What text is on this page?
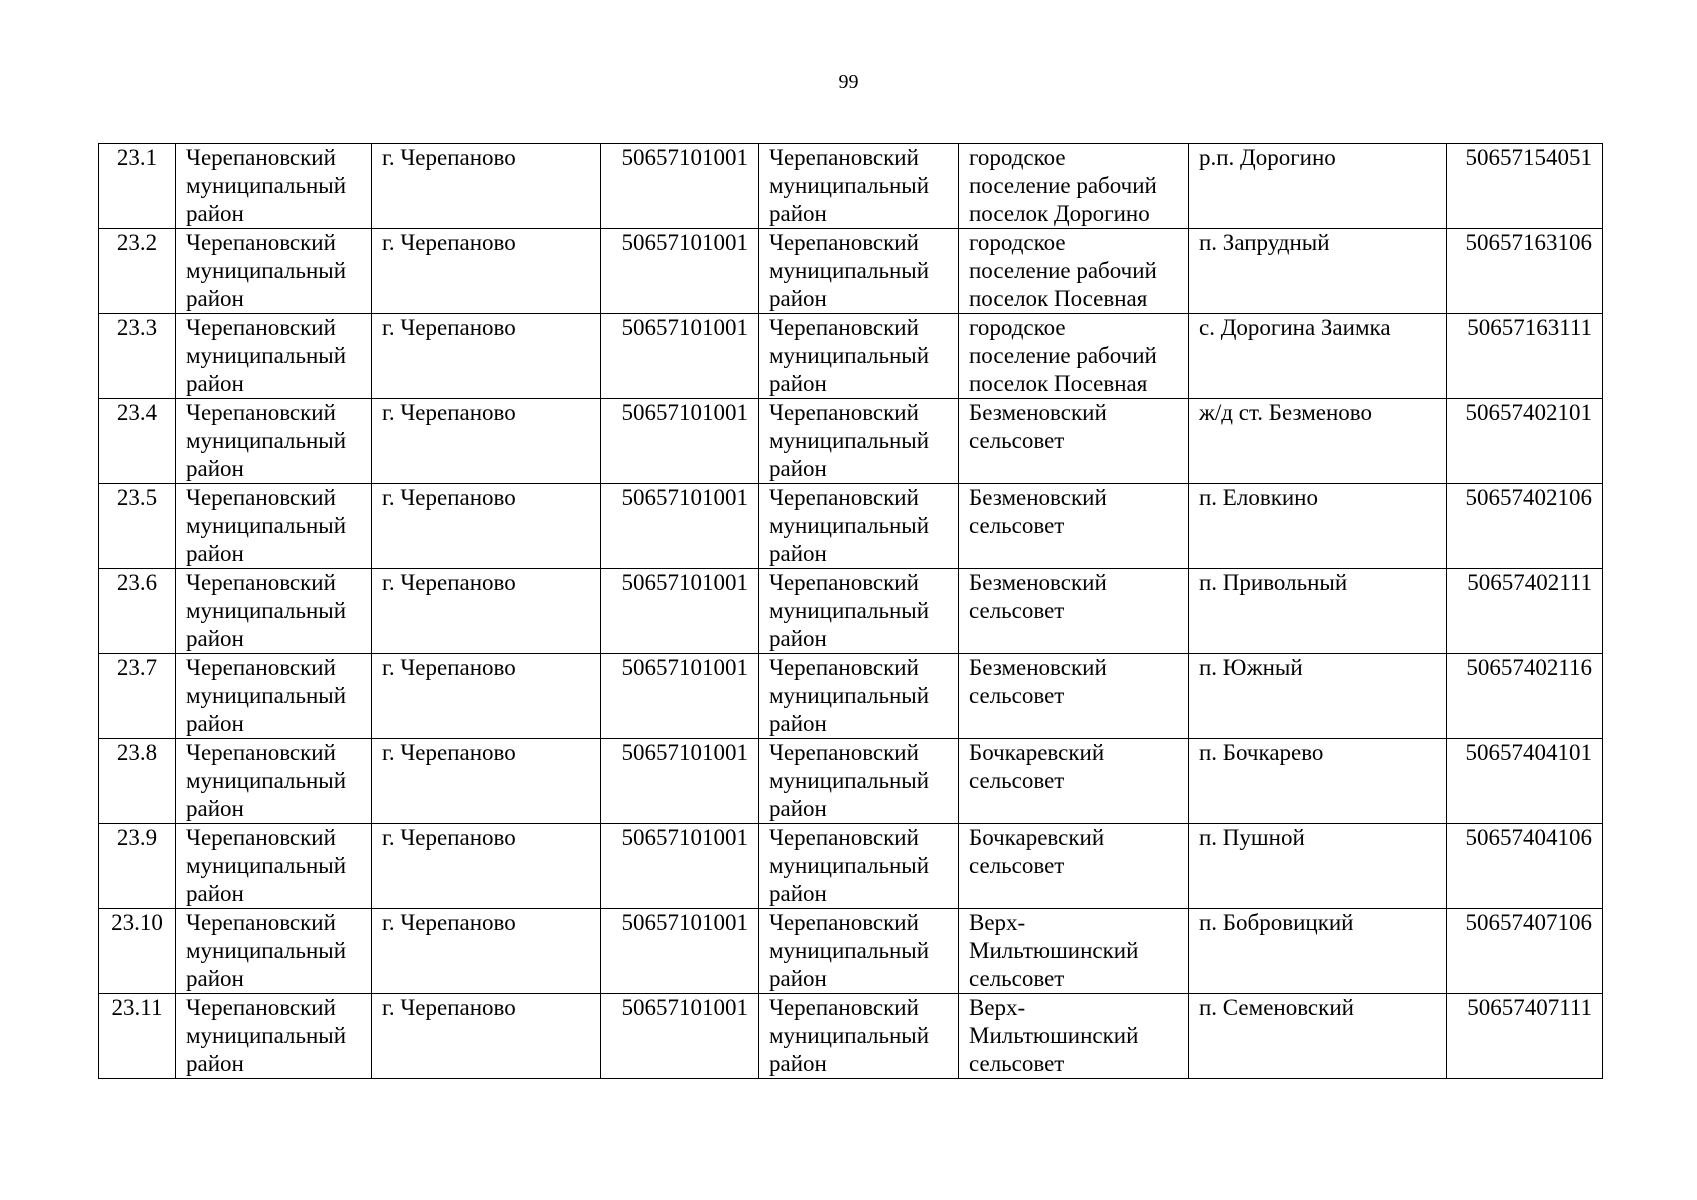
99
23.1	Черепановский
муниципальный
район	г. Черепаново	50657101001	Черепановский
муниципальный
район	городское
поселение рабочий
поселок Дорогино	р.п. Дорогино	50657154051
23.2	Черепановский
муниципальный
район	г. Черепаново	50657101001	Черепановский
муниципальный
район	городское
поселение рабочий
поселок Посевная	п. Запрудный	50657163106
23.3	Черепановский
муниципальный
район	г. Черепаново	50657101001	Черепановский
муниципальный
район	городское
поселение рабочий
поселок Посевная	с. Дорогина Заимка	50657163111
23.4	Черепановский
муниципальный
район	г. Черепаново	50657101001	Черепановский
муниципальный
район	Безменовский
сельсовет	ж/д ст. Безменово	50657402101
23.5	Черепановский
муниципальный
район	г. Черепаново	50657101001	Черепановский
муниципальный
район	Безменовский
сельсовет	п. Еловкино	50657402106
23.6	Черепановский
муниципальный
район	г. Черепаново	50657101001	Черепановский
муниципальный
район	Безменовский
сельсовет	п. Привольный	50657402111
23.7	Черепановский
муниципальный
район	г. Черепаново	50657101001	Черепановский
муниципальный
район	Безменовский
сельсовет	п. Южный	50657402116
23.8	Черепановский
муниципальный
район	г. Черепаново	50657101001	Черепановский
муниципальный
район	Бочкаревский
сельсовет	п. Бочкарево	50657404101
23.9	Черепановский
муниципальный
район	г. Черепаново	50657101001	Черепановский
муниципальный
район	Бочкаревский
сельсовет	п. Пушной	50657404106
23.10	Черепановский
муниципальный
район	г. Черепаново	50657101001	Черепановский
муниципальный
район	Верх-
Мильтюшинский
сельсовет	п. Бобровицкий	50657407106
23.11	Черепановский
муниципальный
район	г. Черепаново	50657101001	Черепановский
муниципальный
район	Верх-
Мильтюшинский
сельсовет	п. Семеновский	50657407111
